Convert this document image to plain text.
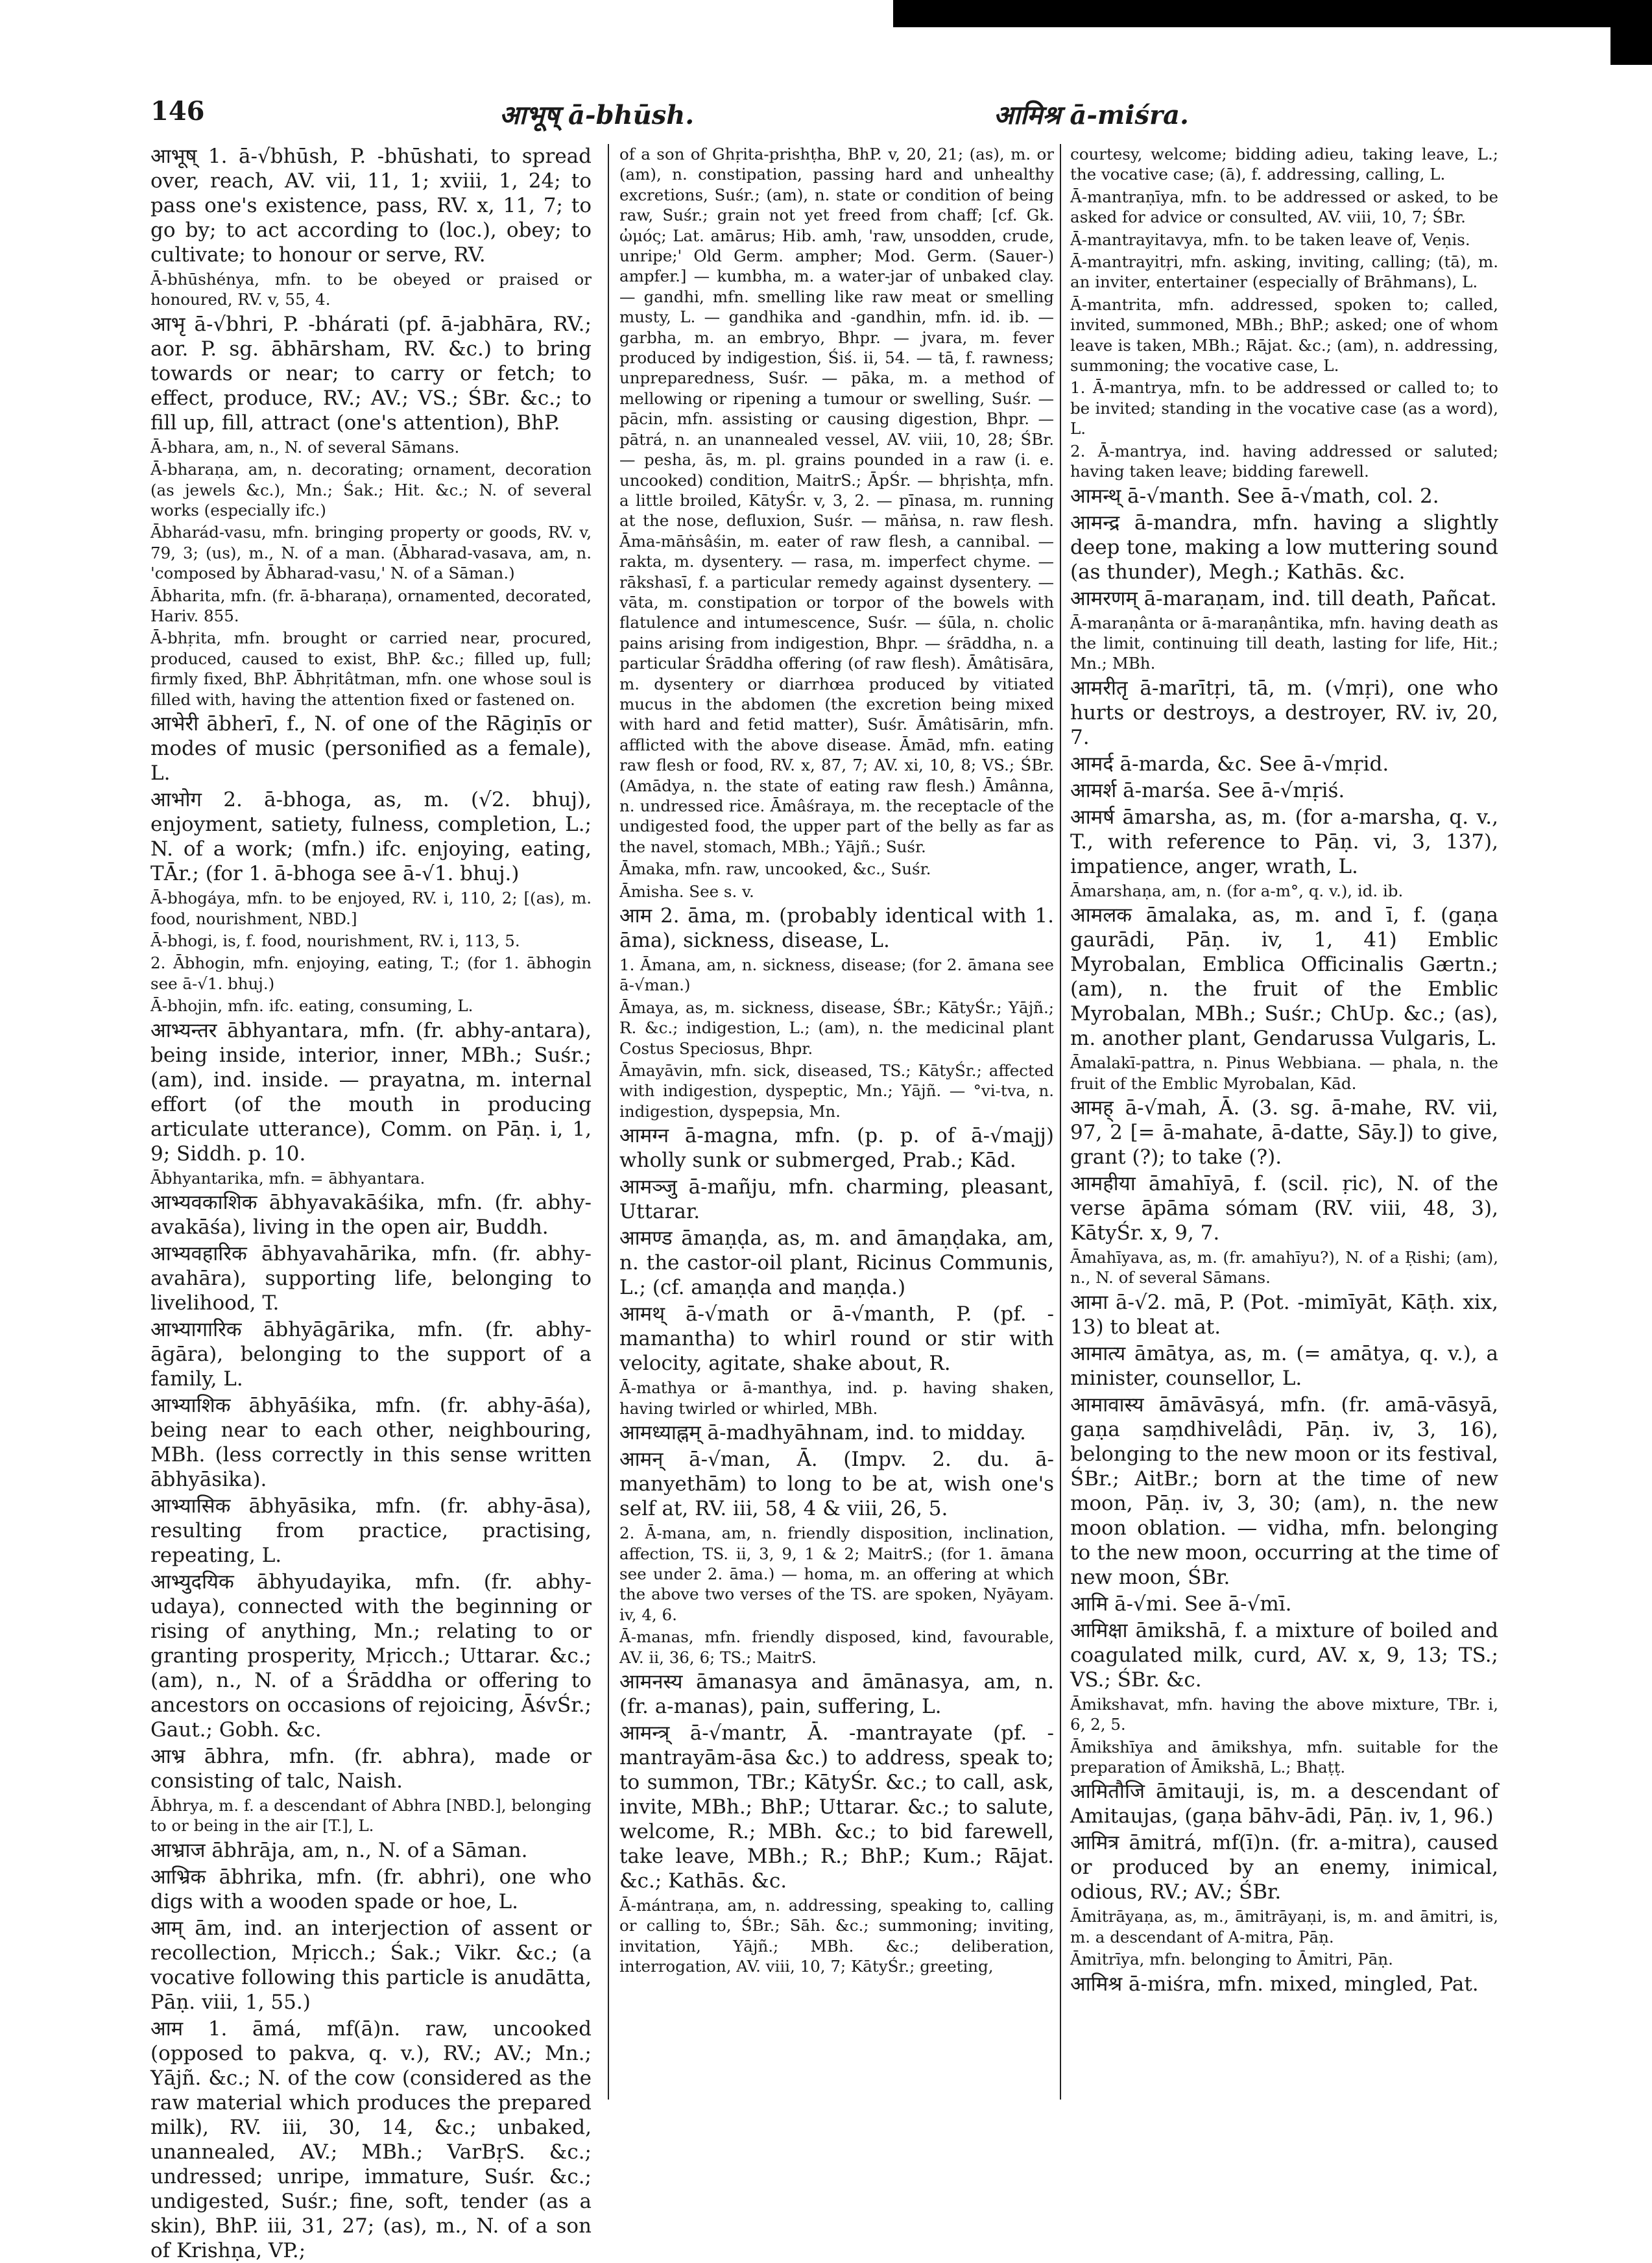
146	आभूष् ā-bhūsh.	आमिश्र ā-miśra.

आभूष् 1. ā-√bhūsh, P. -bhūshati, to spread over, reach, AV. vii, 11, 1; xviii, 1, 24; to pass one's existence, pass, RV. x, 11, 7; to go by; to act according to (loc.), obey; to cultivate; to honour or serve, RV.

Ā-bhūshénya, mfn. to be obeyed or praised or honoured, RV. v, 55, 4.

आभृ ā-√bhri, P. -bhárati (pf. ā-jabhāra, RV.; aor. P. sg. ābhārsham, RV. &c.) to bring towards or near; to carry or fetch; to effect, produce, RV.; AV.; VS.; ŚBr. &c.; to fill up, fill, attract (one's attention), BhP.

Ā-bhara, am, n., N. of several Sāmans.

Ā-bharaṇa, am, n. decorating; ornament, decoration (as jewels &c.), Mn.; Śak.; Hit. &c.; N. of several works (especially ifc.)

Ābharád-vasu, mfn. bringing property or goods, RV. v, 79, 3; (us), m., N. of a man. (Ābharad-vasava, am, n. 'composed by Ābharad-vasu,' N. of a Sāman.)

Ābharita, mfn. (fr. ā-bharaṇa), ornamented, decorated, Hariv. 855.

Ā-bhṛita, mfn. brought or carried near, procured, produced, caused to exist, BhP. &c.; filled up, full; firmly fixed, BhP. Ābhṛitâtman, mfn. one whose soul is filled with, having the attention fixed or fastened on.

आभेरी ābherī, f., N. of one of the Rāgiṇīs or modes of music (personified as a female), L.

आभोग 2. ā-bhoga, as, m. (√2. bhuj), enjoyment, satiety, fulness, completion, L.; N. of a work; (mfn.) ifc. enjoying, eating, TĀr.; (for 1. ā-bhoga see ā-√1. bhuj.)

Ā-bhogáya, mfn. to be enjoyed, RV. i, 110, 2; [(as), m. food, nourishment, NBD.]

Ā-bhogi, is, f. food, nourishment, RV. i, 113, 5.

2. Ābhogin, mfn. enjoying, eating, T.; (for 1. ābhogin see ā-√1. bhuj.)

Ā-bhojin, mfn. ifc. eating, consuming, L.

आभ्यन्तर ābhyantara, mfn. (fr. abhy-antara), being inside, interior, inner, MBh.; Suśr.; (am), ind. inside. — prayatna, m. internal effort (of the mouth in producing articulate utterance), Comm. on Pāṇ. i, 1, 9; Siddh. p. 10.

Ābhyantarika, mfn. = ābhyantara.

आभ्यवकाशिक ābhyavakāśika, mfn. (fr. abhy-avakāśa), living in the open air, Buddh.

आभ्यवहारिक ābhyavahārika, mfn. (fr. abhy-avahāra), supporting life, belonging to livelihood, T.

आभ्यागारिक ābhyāgārika, mfn. (fr. abhy-āgāra), belonging to the support of a family, L.

आभ्याशिक ābhyāśika, mfn. (fr. abhy-āśa), being near to each other, neighbouring, MBh. (less correctly in this sense written ābhyāsika).

आभ्यासिक ābhyāsika, mfn. (fr. abhy-āsa), resulting from practice, practising, repeating, L.

आभ्युदयिक ābhyudayika, mfn. (fr. abhy-udaya), connected with the beginning or rising of anything, Mn.; relating to or granting prosperity, Mṛicch.; Uttarar. &c.; (am), n., N. of a Śrāddha or offering to ancestors on occasions of rejoicing, ĀśvŚr.; Gaut.; Gobh. &c.

आभ्र ābhra, mfn. (fr. abhra), made or consisting of talc, Naish.

Ābhrya, m. f. a descendant of Abhra [NBD.], belonging to or being in the air [T.], L.

आभ्राज ābhrāja, am, n., N. of a Sāman.

आभ्रिक ābhrika, mfn. (fr. abhri), one who digs with a wooden spade or hoe, L.

आम् ām, ind. an interjection of assent or recollection, Mṛicch.; Śak.; Vikr. &c.; (a vocative following this particle is anudātta, Pāṇ. viii, 1, 55.)

आम 1. āmá, mf(ā)n. raw, uncooked (opposed to pakva, q. v.), RV.; AV.; Mn.; Yājñ. &c.; N. of the cow (considered as the raw material which produces the prepared milk), RV. iii, 30, 14, &c.; unbaked, unannealed, AV.; MBh.; VarBṛS. &c.; undressed; unripe, immature, Suśr. &c.; undigested, Suśr.; fine, soft, tender (as a skin), BhP. iii, 31, 27; (as), m., N. of a son of Krishṇa, VP.;

of a son of Ghṛita-prishṭha, BhP. v, 20, 21; (as), m. or (am), n. constipation, passing hard and unhealthy excretions, Suśr.; (am), n. state or condition of being raw, Suśr.; grain not yet freed from chaff; [cf. Gk. ὠμός; Lat. amārus; Hib. amh, 'raw, unsodden, crude, unripe;' Old Germ. ampher; Mod. Germ. (Sauer-) ampfer.] — kumbha, m. a water-jar of unbaked clay. — gandhi, mfn. smelling like raw meat or smelling musty, L. — gandhika and -gandhin, mfn. id. ib. — garbha, m. an embryo, Bhpr. — jvara, m. fever produced by indigestion, Śiś. ii, 54. — tā, f. rawness; unpreparedness, Suśr. — pāka, m. a method of mellowing or ripening a tumour or swelling, Suśr. — pācin, mfn. assisting or causing digestion, Bhpr. — pātrá, n. an unannealed vessel, AV. viii, 10, 28; ŚBr. — pesha, ās, m. pl. grains pounded in a raw (i. e. uncooked) condition, MaitrS.; ĀpŚr. — bhṛishṭa, mfn. a little broiled, KātyŚr. v, 3, 2. — pīnasa, m. running at the nose, defluxion, Suśr. — māṅsa, n. raw flesh. Āma-māṅsâśin, m. eater of raw flesh, a cannibal. — rakta, m. dysentery. — rasa, m. imperfect chyme. — rākshasī, f. a particular remedy against dysentery. — vāta, m. constipation or torpor of the bowels with flatulence and intumescence, Suśr. — śūla, n. cholic pains arising from indigestion, Bhpr. — śrāddha, n. a particular Śrāddha offering (of raw flesh). Āmâtisāra, m. dysentery or diarrhœa produced by vitiated mucus in the abdomen (the excretion being mixed with hard and fetid matter), Suśr. Āmâtisārin, mfn. afflicted with the above disease. Āmād, mfn. eating raw flesh or food, RV. x, 87, 7; AV. xi, 10, 8; VS.; ŚBr. (Amādya, n. the state of eating raw flesh.) Āmânna, n. undressed rice. Āmâśraya, m. the receptacle of the undigested food, the upper part of the belly as far as the navel, stomach, MBh.; Yājñ.; Suśr.

Āmaka, mfn. raw, uncooked, &c., Suśr.

Āmisha. See s. v.

आम 2. āma, m. (probably identical with 1. āma), sickness, disease, L.

1. Āmana, am, n. sickness, disease; (for 2. āmana see ā-√man.)

Āmaya, as, m. sickness, disease, ŚBr.; KātyŚr.; Yājñ.; R. &c.; indigestion, L.; (am), n. the medicinal plant Costus Speciosus, Bhpr.

Āmayāvin, mfn. sick, diseased, TS.; KātyŚr.; affected with indigestion, dyspeptic, Mn.; Yājñ. — °vi-tva, n. indigestion, dyspepsia, Mn.

आमग्न ā-magna, mfn. (p. p. of ā-√majj) wholly sunk or submerged, Prab.; Kād.

आमञ्जु ā-mañju, mfn. charming, pleasant, Uttarar.

आमण्ड āmaṇḍa, as, m. and āmaṇḍaka, am, n. the castor-oil plant, Ricinus Communis, L.; (cf. amaṇḍa and maṇḍa.)

आमथ् ā-√math or ā-√manth, P. (pf. -mamantha) to whirl round or stir with velocity, agitate, shake about, R.

Ā-mathya or ā-manthya, ind. p. having shaken, having twirled or whirled, MBh.

आमध्याह्नम् ā-madhyāhnam, ind. to midday.

आमन् ā-√man, Ā. (Impv. 2. du. ā-manyethām) to long to be at, wish one's self at, RV. iii, 58, 4 & viii, 26, 5.

2. Ā-mana, am, n. friendly disposition, inclination, affection, TS. ii, 3, 9, 1 & 2; MaitrS.; (for 1. āmana see under 2. āma.) — homa, m. an offering at which the above two verses of the TS. are spoken, Nyāyam. iv, 4, 6.

Ā-manas, mfn. friendly disposed, kind, favourable, AV. ii, 36, 6; TS.; MaitrS.

आमनस्य āmanasya and āmānasya, am, n. (fr. a-manas), pain, suffering, L.

आमन्त्र् ā-√mantr, Ā. -mantrayate (pf. -mantrayām-āsa &c.) to address, speak to; to summon, TBr.; KātyŚr. &c.; to call, ask, invite, MBh.; BhP.; Uttarar. &c.; to salute, welcome, R.; MBh. &c.; to bid farewell, take leave, MBh.; R.; BhP.; Kum.; Rājat. &c.; Kathās. &c.

Ā-mántraṇa, am, n. addressing, speaking to, calling or calling to, ŚBr.; Sāh. &c.; summoning; inviting, invitation, Yājñ.; MBh. &c.; deliberation, interrogation, AV. viii, 10, 7; KātyŚr.; greeting,

courtesy, welcome; bidding adieu, taking leave, L.; the vocative case; (ā), f. addressing, calling, L.

Ā-mantraṇīya, mfn. to be addressed or asked, to be asked for advice or consulted, AV. viii, 10, 7; ŚBr.

Ā-mantrayitavya, mfn. to be taken leave of, Veṇis.

Ā-mantrayitṛi, mfn. asking, inviting, calling; (tā), m. an inviter, entertainer (especially of Brāhmans), L.

Ā-mantrita, mfn. addressed, spoken to; called, invited, summoned, MBh.; BhP.; asked; one of whom leave is taken, MBh.; Rājat. &c.; (am), n. addressing, summoning; the vocative case, L.

1. Ā-mantrya, mfn. to be addressed or called to; to be invited; standing in the vocative case (as a word), L.

2. Ā-mantrya, ind. having addressed or saluted; having taken leave; bidding farewell.

आमन्थ् ā-√manth. See ā-√math, col. 2.

आमन्द्र ā-mandra, mfn. having a slightly deep tone, making a low muttering sound (as thunder), Megh.; Kathās. &c.

आमरणम् ā-maraṇam, ind. till death, Pañcat.

Ā-maraṇânta or ā-maraṇântika, mfn. having death as the limit, continuing till death, lasting for life, Hit.; Mn.; MBh.

आमरीतृ ā-marītṛi, tā, m. (√mṛi), one who hurts or destroys, a destroyer, RV. iv, 20, 7.

आमर्द ā-marda, &c. See ā-√mṛid.

आमर्श ā-marśa. See ā-√mṛiś.

आमर्ष āmarsha, as, m. (for a-marsha, q. v., T., with reference to Pāṇ. vi, 3, 137), impatience, anger, wrath, L.

Āmarshaṇa, am, n. (for a-m°, q. v.), id. ib.

आमलक āmalaka, as, m. and ī, f. (gaṇa gaurādi, Pāṇ. iv, 1, 41) Emblic Myrobalan, Emblica Officinalis Gærtn.; (am), n. the fruit of the Emblic Myrobalan, MBh.; Suśr.; ChUp. &c.; (as), m. another plant, Gendarussa Vulgaris, L.

Āmalakī-pattra, n. Pinus Webbiana. — phala, n. the fruit of the Emblic Myrobalan, Kād.

आमह् ā-√mah, Ā. (3. sg. ā-mahe, RV. vii, 97, 2 [= ā-mahate, ā-datte, Sāy.]) to give, grant (?); to take (?).

आमहीया āmahīyā, f. (scil. ṛic), N. of the verse āpāma sómam (RV. viii, 48, 3), KātyŚr. x, 9, 7.

Āmahīyava, as, m. (fr. amahīyu?), N. of a Ṛishi; (am), n., N. of several Sāmans.

आमा ā-√2. mā, P. (Pot. -mimīyāt, Kāṭh. xix, 13) to bleat at.

आमात्य āmātya, as, m. (= amātya, q. v.), a minister, counsellor, L.

आमावास्य āmāvāsyá, mfn. (fr. amā-vāsyā, gaṇa saṃdhivelâdi, Pāṇ. iv, 3, 16), belonging to the new moon or its festival, ŚBr.; AitBr.; born at the time of new moon, Pāṇ. iv, 3, 30; (am), n. the new moon oblation. — vidha, mfn. belonging to the new moon, occurring at the time of new moon, ŚBr.

आमि ā-√mi. See ā-√mī.

आमिक्षा āmikshā, f. a mixture of boiled and coagulated milk, curd, AV. x, 9, 13; TS.; VS.; ŚBr. &c.

Āmikshavat, mfn. having the above mixture, TBr. i, 6, 2, 5.

Āmikshīya and āmikshya, mfn. suitable for the preparation of Āmikshā, L.; Bhaṭṭ.

आमितौजि āmitauji, is, m. a descendant of Amitaujas, (gaṇa bāhv-ādi, Pāṇ. iv, 1, 96.)

आमित्र āmitrá, mf(ī)n. (fr. a-mitra), caused or produced by an enemy, inimical, odious, RV.; AV.; ŚBr.

Āmitrāyaṇa, as, m., āmitrāyaṇi, is, m. and āmitri, is, m. a descendant of A-mitra, Pāṇ.

Āmitrīya, mfn. belonging to Āmitri, Pāṇ.

आमिश्र ā-miśra, mfn. mixed, mingled, Pat.
